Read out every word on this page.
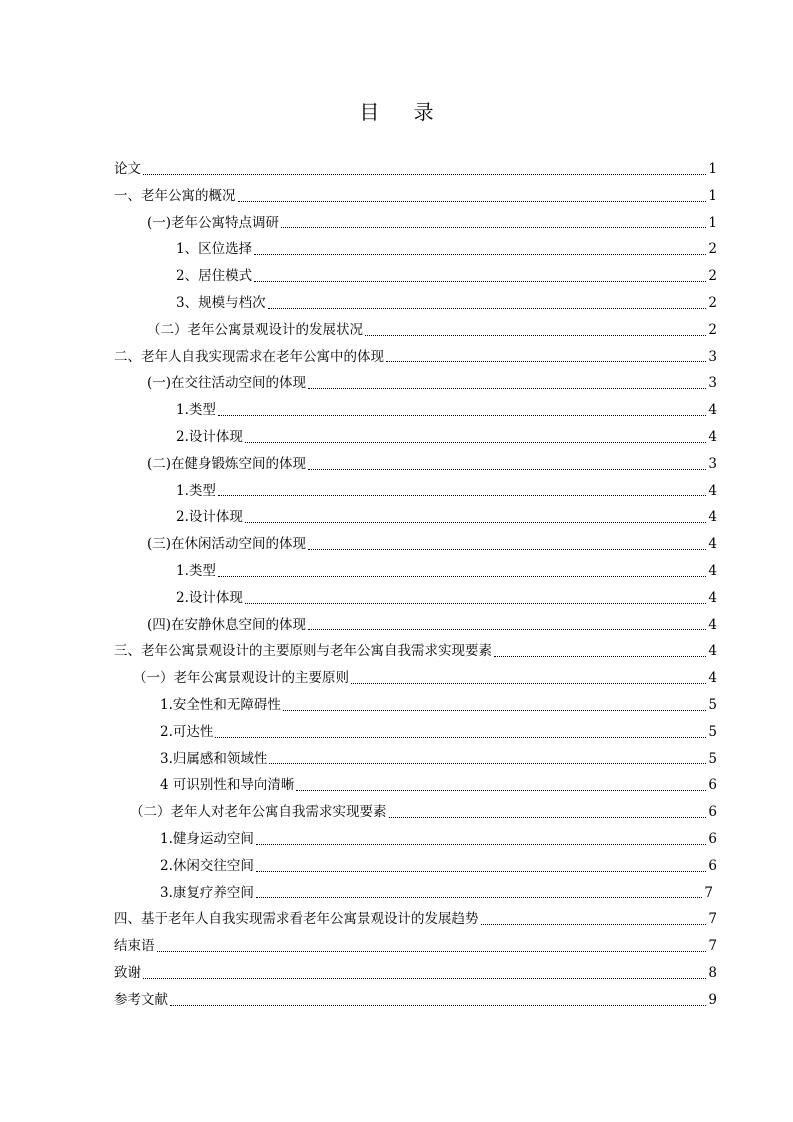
目 录
论文	1
一、老年公寓的概况	1
(一)老年公寓特点调研	1
1、区位选择	2
2、居住模式	2
3、规模与档次	2
（二）老年公寓景观设计的发展状况	2
二、老年人自我实现需求在老年公寓中的体现	3
(一)在交往活动空间的体现	3
1.类型	4
2.设计体现	4
(二)在健身锻炼空间的体现	3
1.类型	4
2.设计体现	4
(三)在休闲活动空间的体现	4
1.类型	4
2.设计体现	4
(四)在安静休息空间的体现	4
三、老年公寓景观设计的主要原则与老年公寓自我需求实现要素	4
（一）老年公寓景观设计的主要原则	4
1.安全性和无障碍性	5
2.可达性	5
3.归属感和领域性	5
4 可识别性和导向清晰	6
（二）老年人对老年公寓自我需求实现要素	6
1.健身运动空间	6
2.休闲交往空间	6
3.康复疗养空间	7
四、基于老年人自我实现需求看老年公寓景观设计的发展趋势	7
结束语	7
致谢	8
参考文献	9
